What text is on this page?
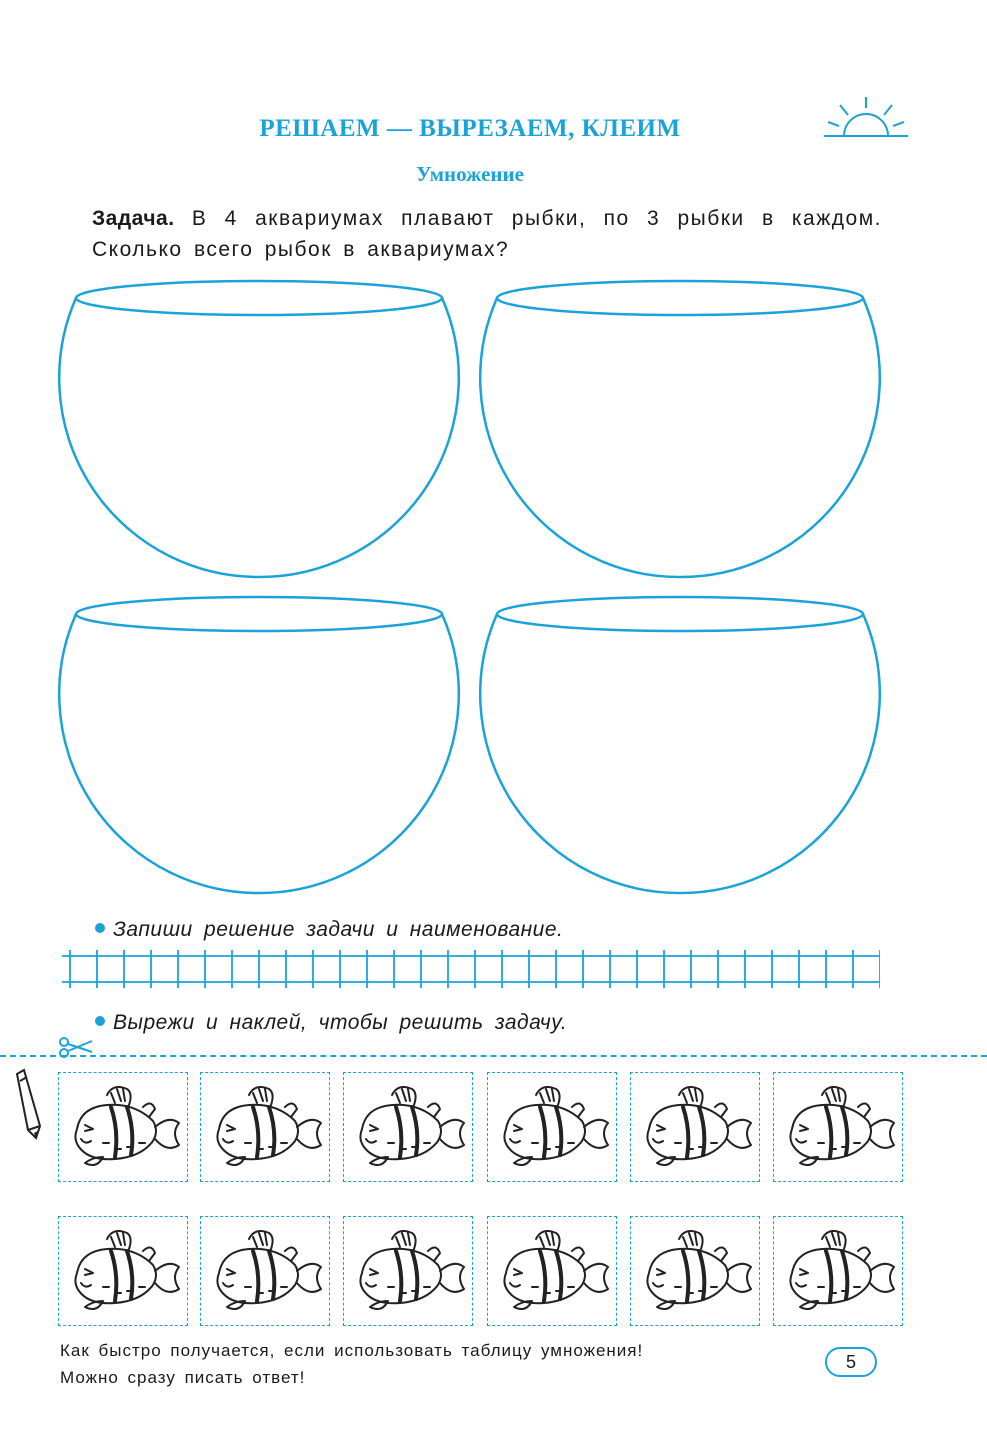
РЕШАЕМ — ВЫРЕЗАЕМ, КЛЕИМ
Умножение
Задача. В 4 аквариумах плавают рыбки, по 3 рыбки в каждом. Сколько всего рыбок в аквариумах?
Запиши решение задачи и наименование.
Вырежи и наклей, чтобы решить задачу.
Как быстро получается, если использовать таблицу умножения!
Можно сразу писать ответ!
5
